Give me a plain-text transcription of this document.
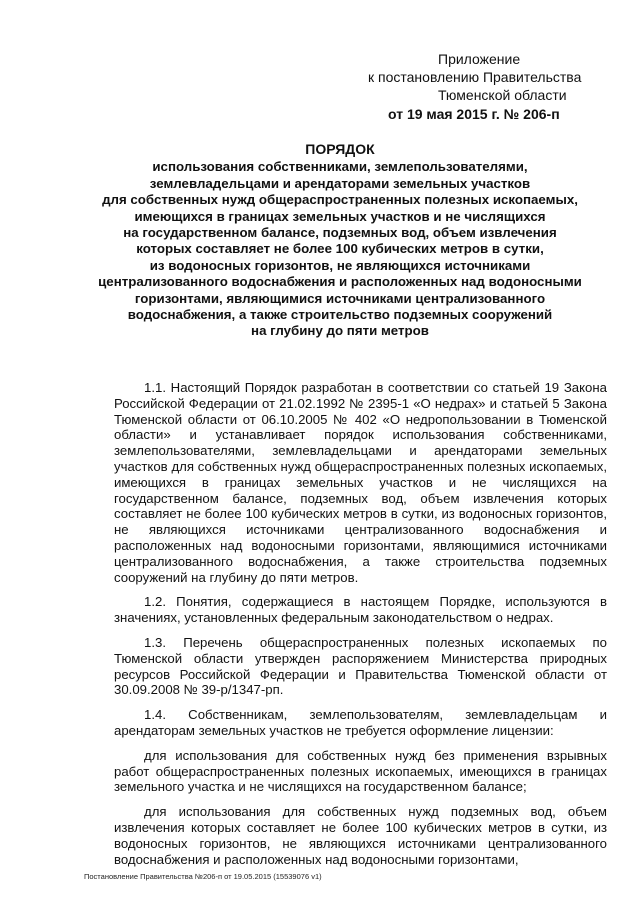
Приложение
к постановлению Правительства
Тюменской области
от 19 мая 2015 г. № 206-п
ПОРЯДОК
использования собственниками, землепользователями,
землевладельцами и арендаторами земельных участков
для собственных нужд общераспространенных полезных ископаемых,
имеющихся в границах земельных участков и не числящихся
на государственном балансе, подземных вод, объем извлечения
которых составляет не более 100 кубических метров в сутки,
из водоносных горизонтов, не являющихся источниками
централизованного водоснабжения и расположенных над водоносными
горизонтами, являющимися источниками централизованного
водоснабжения, а также строительство подземных сооружений
на глубину до пяти метров

1.1. Настоящий Порядок разработан в соответствии со статьей 19 Закона Российской Федерации от 21.02.1992 № 2395-1 «О недрах» и статьей 5 Закона Тюменской области от 06.10.2005 № 402 «О недропользовании в Тюменской области» и устанавливает порядок использования собственниками, землепользователями, землевладельцами и арендаторами земельных участков для собственных нужд общераспространенных полезных ископаемых, имеющихся в границах земельных участков и не числящихся на государственном балансе, подземных вод, объем извлечения которых составляет не более 100 кубических метров в сутки, из водоносных горизонтов, не являющихся источниками централизованного водоснабжения и расположенных над водоносными горизонтами, являющимися источниками централизованного водоснабжения, а также строительства подземных сооружений на глубину до пяти метров.

1.2. Понятия, содержащиеся в настоящем Порядке, используются в значениях, установленных федеральным законодательством о недрах.

1.3. Перечень общераспространенных полезных ископаемых по Тюменской области утвержден распоряжением Министерства природных ресурсов Российской Федерации и Правительства Тюменской области от 30.09.2008 № 39-р/1347-рп.

1.4. Собственникам, землепользователям, землевладельцам и арендаторам земельных участков не требуется оформление лицензии:

для использования для собственных нужд без применения взрывных работ общераспространенных полезных ископаемых, имеющихся в границах земельного участка и не числящихся на государственном балансе;

для использования для собственных нужд подземных вод, объем извлечения которых составляет не более 100 кубических метров в сутки, из водоносных горизонтов, не являющихся источниками централизованного водоснабжения и расположенных над водоносными горизонтами,

Постановление Правительства №206-п от 19.05.2015 (15539076 v1)
